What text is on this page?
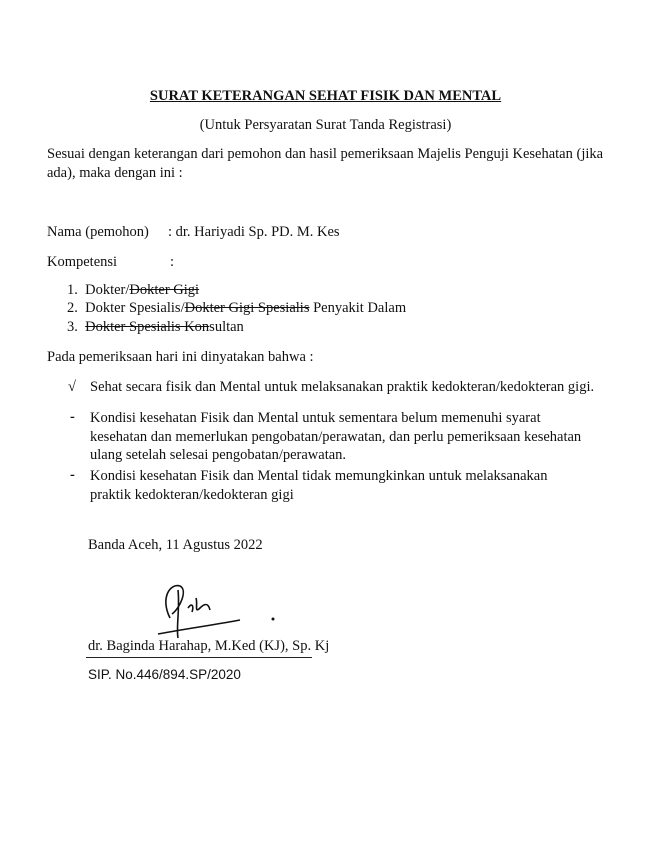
SURAT KETERANGAN SEHAT FISIK DAN MENTAL
(Untuk Persyaratan Surat Tanda Registrasi)
Sesuai dengan keterangan dari pemohon dan hasil pemeriksaan Majelis Penguji Kesehatan (jika ada), maka dengan ini :
Nama (pemohon) : dr. Hariyadi Sp. PD. M. Kes
Kompetensi	:
1. Dokter/Dokter Gigi
2. Dokter Spesialis/Dokter Gigi Spesialis Penyakit Dalam
3. Dokter Spesialis Konsultan
Pada pemeriksaan hari ini dinyatakan bahwa :
√ Sehat secara fisik dan Mental untuk melaksanakan praktik kedokteran/kedokteran gigi.
- Kondisi kesehatan Fisik dan Mental untuk sementara belum memenuhi syarat kesehatan dan memerlukan pengobatan/perawatan, dan perlu pemeriksaan kesehatan ulang setelah selesai pengobatan/perawatan.
- Kondisi kesehatan Fisik dan Mental tidak memungkinkan untuk melaksanakan praktik kedokteran/kedokteran gigi
Banda Aceh, 11 Agustus 2022
dr. Baginda Harahap, M.Ked (KJ), Sp. Kj
SIP. No.446/894.SP/2020
